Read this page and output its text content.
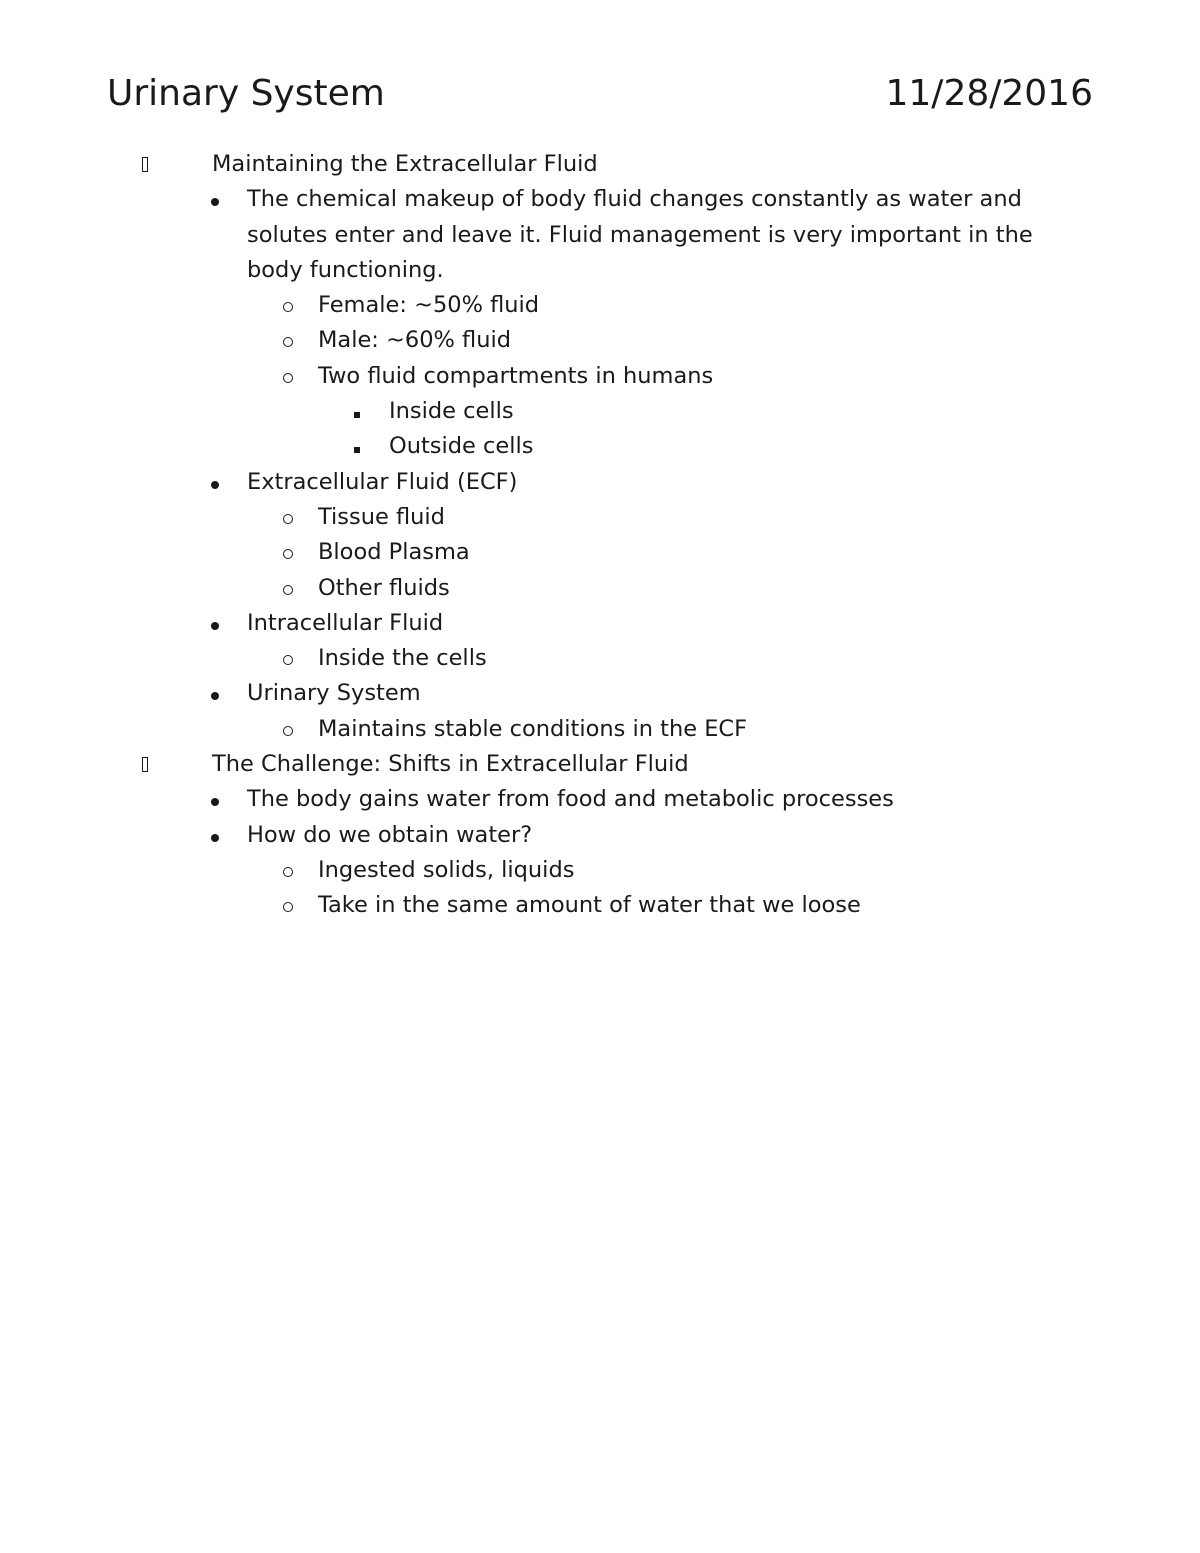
Urinary System	11/28/2016
Maintaining the Extracellular Fluid
The chemical makeup of body fluid changes constantly as water and solutes enter and leave it. Fluid management is very important in the body functioning.
Female: ~50% fluid
Male: ~60% fluid
Two fluid compartments in humans
Inside cells
Outside cells
Extracellular Fluid (ECF)
Tissue fluid
Blood Plasma
Other fluids
Intracellular Fluid
Inside the cells
Urinary System
Maintains stable conditions in the ECF
The Challenge: Shifts in Extracellular Fluid
The body gains water from food and metabolic processes
How do we obtain water?
Ingested solids, liquids
Take in the same amount of water that we loose
